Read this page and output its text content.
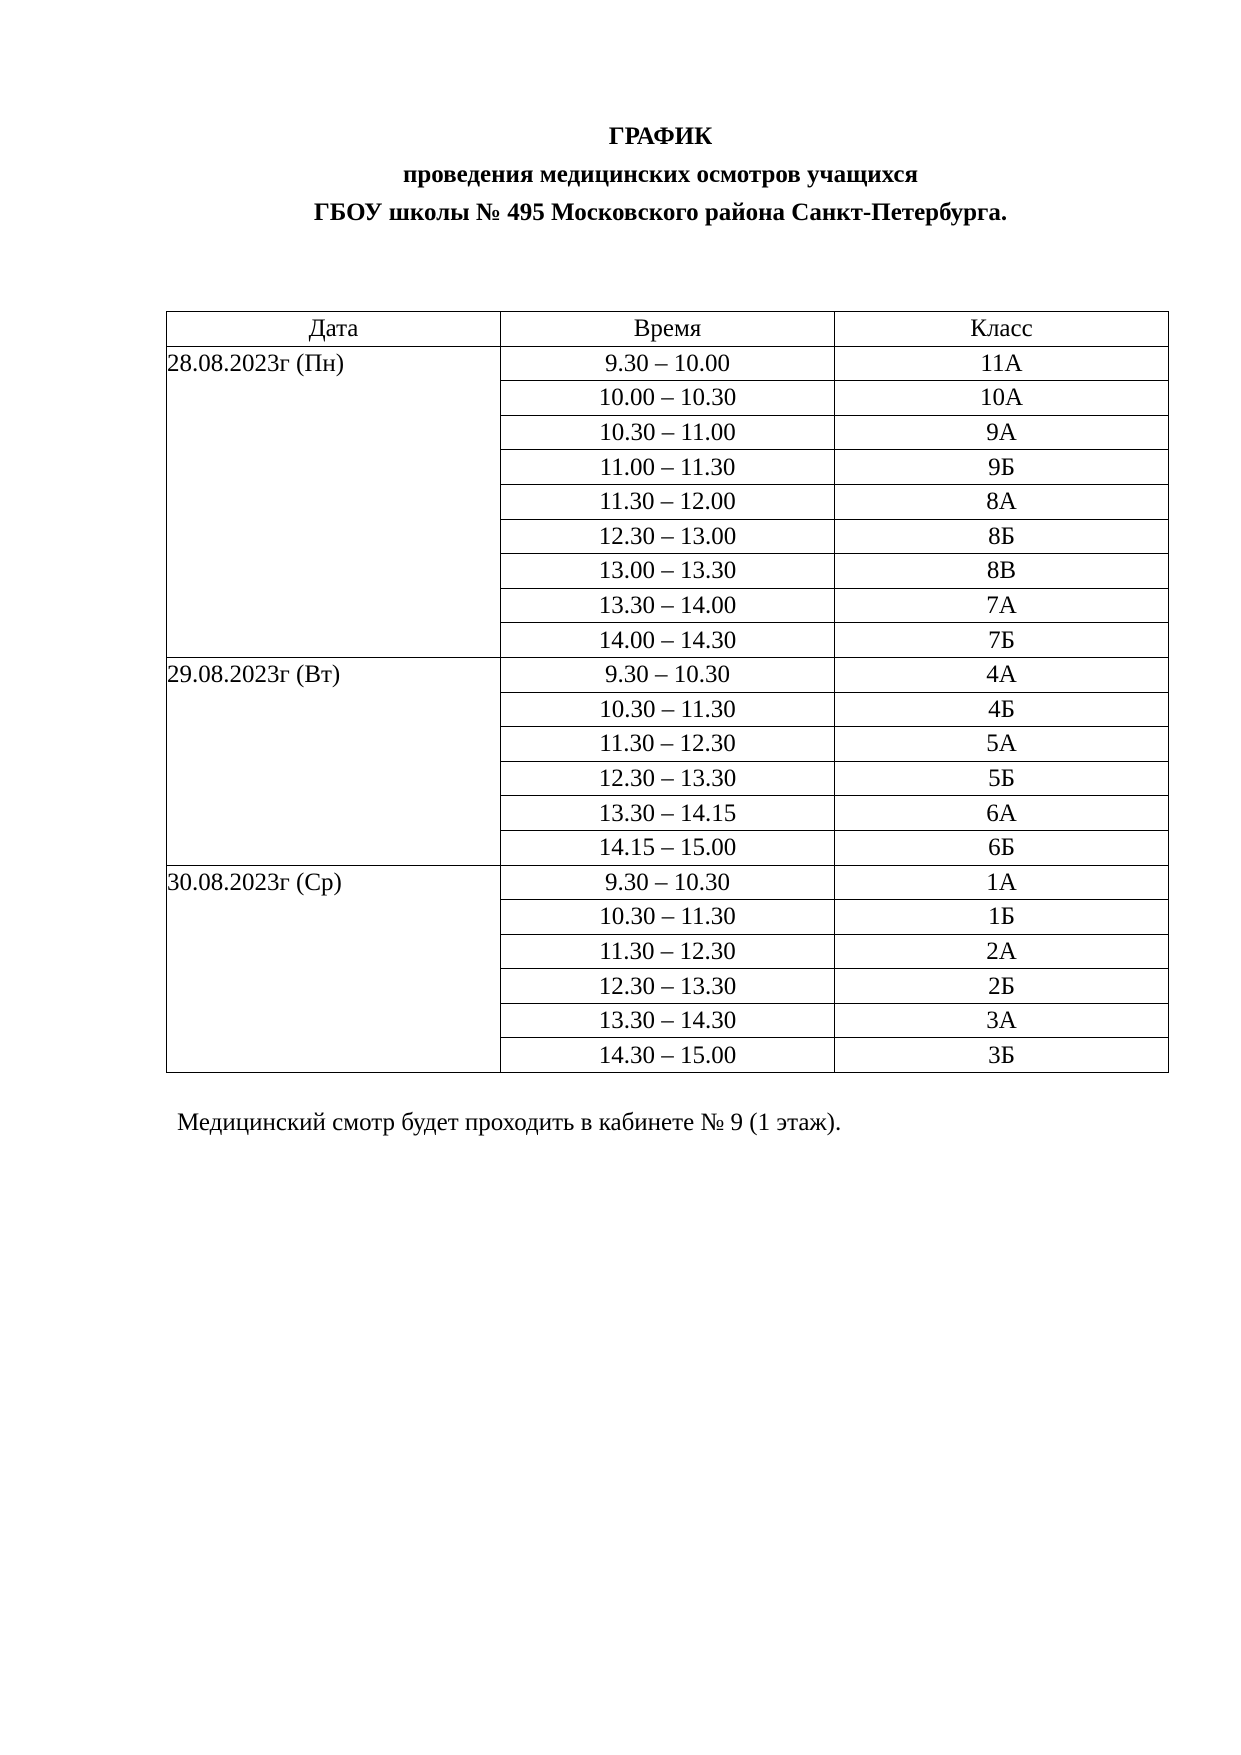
ГРАФИК
проведения медицинских осмотров учащихся
ГБОУ школы № 495 Московского района Санкт-Петербурга.
Дата	Время	Класс
28.08.2023г (Пн)	9.30 – 10.00	11А
	10.00 – 10.30	10А
	10.30 – 11.00	9А
	11.00 – 11.30	9Б
	11.30 – 12.00	8А
	12.30 – 13.00	8Б
	13.00 – 13.30	8В
	13.30 – 14.00	7А
	14.00 – 14.30	7Б
29.08.2023г (Вт)	9.30 – 10.30	4А
	10.30 – 11.30	4Б
	11.30 – 12.30	5А
	12.30 – 13.30	5Б
	13.30 – 14.15	6А
	14.15 – 15.00	6Б
30.08.2023г (Ср)	9.30 – 10.30	1А
	10.30 – 11.30	1Б
	11.30 – 12.30	2А
	12.30 – 13.30	2Б
	13.30 – 14.30	3А
	14.30 – 15.00	3Б
Медицинский смотр будет проходить в кабинете № 9 (1 этаж).
